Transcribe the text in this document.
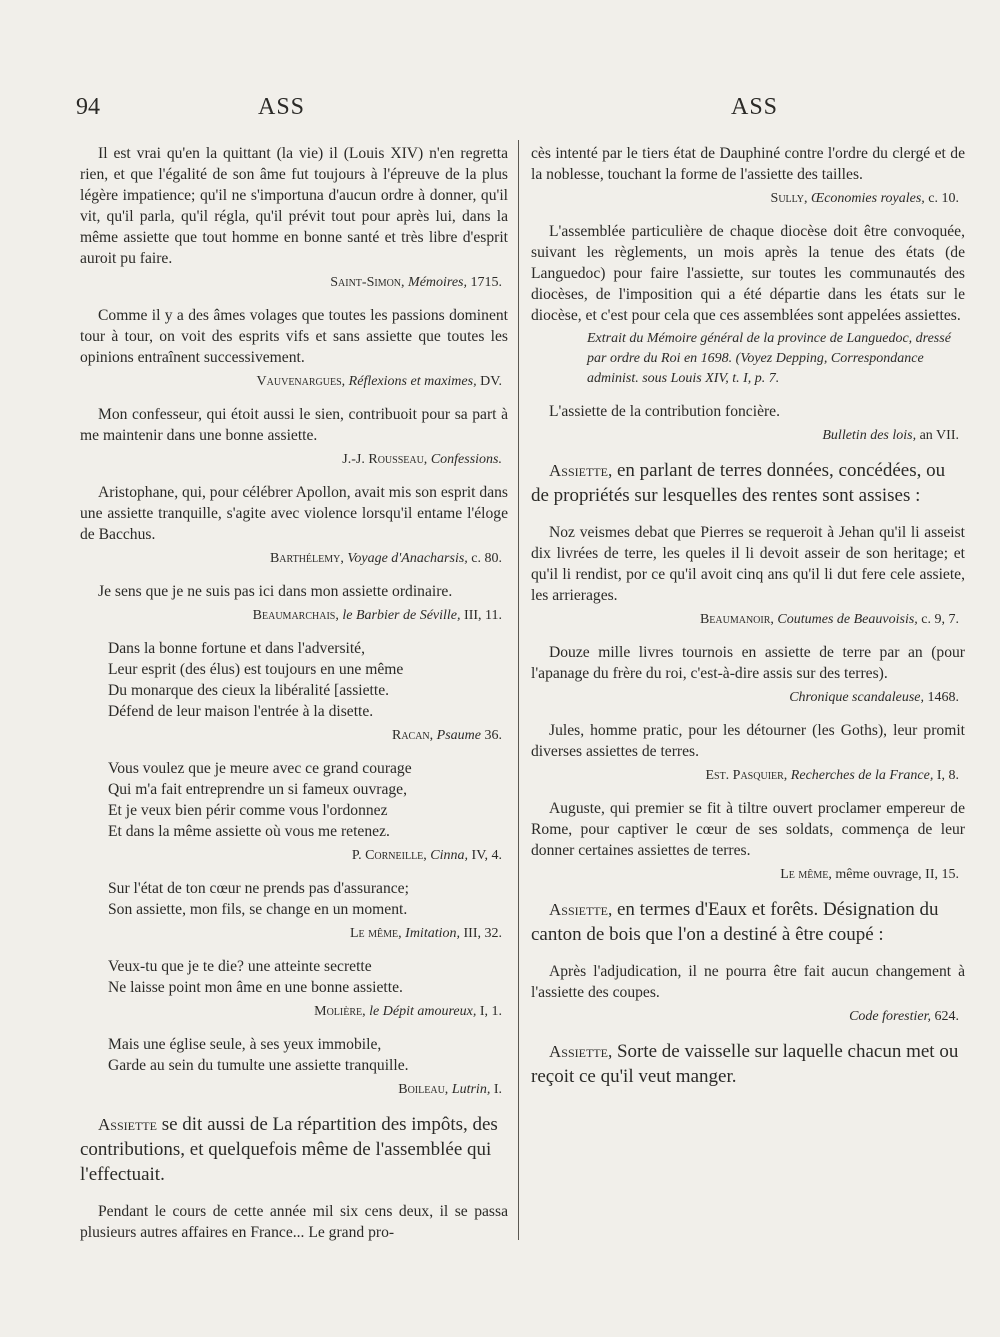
94	ASS	ASS

Il est vrai qu'en la quittant (la vie) il (Louis XIV) n'en regretta rien, et que l'égalité de son âme fut toujours à l'épreuve de la plus légère impatience; qu'il ne s'importuna d'aucun ordre à donner, qu'il vit, qu'il parla, qu'il régla, qu'il prévit tout pour après lui, dans la même assiette que tout homme en bonne santé et très libre d'esprit auroit pu faire.

Saint-Simon, Mémoires, 1715.

Comme il y a des âmes volages que toutes les passions dominent tour à tour, on voit des esprits vifs et sans assiette que toutes les opinions entraînent successivement.

Vauvenargues, Réflexions et maximes, DV.

Mon confesseur, qui étoit aussi le sien, contribuoit pour sa part à me maintenir dans une bonne assiette.

J.-J. Rousseau, Confessions.

Aristophane, qui, pour célébrer Apollon, avait mis son esprit dans une assiette tranquille, s'agite avec violence lorsqu'il entame l'éloge de Bacchus.

Barthélemy, Voyage d'Anacharsis, c. 80.

Je sens que je ne suis pas ici dans mon assiette ordinaire.

Beaumarchais, le Barbier de Séville, III, 11.
Dans la bonne fortune et dans l'adversité,
Leur esprit (des élus) est toujours en une même
Du monarque des cieux la libéralité [assiette.
Défend de leur maison l'entrée à la disette.
Racan, Psaume 36.
Vous voulez que je meure avec ce grand courage
Qui m'a fait entreprendre un si fameux ouvrage,
Et je veux bien périr comme vous l'ordonnez
Et dans la même assiette où vous me retenez.
P. Corneille, Cinna, IV, 4.
Sur l'état de ton cœur ne prends pas d'assurance;
Son assiette, mon fils, se change en un moment.
Le même, Imitation, III, 32.
Veux-tu que je te die? une atteinte secrette
Ne laisse point mon âme en une bonne assiette.
Molière, le Dépit amoureux, I, 1.
Mais une église seule, à ses yeux immobile,
Garde au sein du tumulte une assiette tranquille.
Boileau, Lutrin, I.

Assiette se dit aussi de La répartition des impôts, des contributions, et quelquefois même de l'assemblée qui l'effectuait.

Pendant le cours de cette année mil six cens deux, il se passa plusieurs autres affaires en France... Le grand pro-

cès intenté par le tiers état de Dauphiné contre l'ordre du clergé et de la noblesse, touchant la forme de l'assiette des tailles.

Sully, Œconomies royales, c. 10.

L'assemblée particulière de chaque diocèse doit être convoquée, suivant les règlements, un mois après la tenue des états (de Languedoc) pour faire l'assiette, sur toutes les communautés des diocèses, de l'imposition qui a été départie dans les états sur le diocèse, et c'est pour cela que ces assemblées sont appelées assiettes.

Extrait du Mémoire général de la province de Languedoc, dressé par ordre du Roi en 1698. (Voyez Depping, Correspondance administ. sous Louis XIV, t. I, p. 7.

L'assiette de la contribution foncière.

Bulletin des lois, an VII.

Assiette, en parlant de terres données, concédées, ou de propriétés sur lesquelles des rentes sont assises :

Noz veismes debat que Pierres se requeroit à Jehan qu'il li asseist dix livrées de terre, les queles il li devoit asseir de son heritage; et qu'il li rendist, por ce qu'il avoit cinq ans qu'il li dut fere cele assiete, les arrierages.

Beaumanoir, Coutumes de Beauvoisis, c. 9, 7.

Douze mille livres tournois en assiette de terre par an (pour l'apanage du frère du roi, c'est-à-dire assis sur des terres).

Chronique scandaleuse, 1468.

Jules, homme pratic, pour les détourner (les Goths), leur promit diverses assiettes de terres.

Est. Pasquier, Recherches de la France, I, 8.

Auguste, qui premier se fit à tiltre ouvert proclamer empereur de Rome, pour captiver le cœur de ses soldats, commença de leur donner certaines assiettes de terres.

Le même, même ouvrage, II, 15.

Assiette, en termes d'Eaux et forêts. Désignation du canton de bois que l'on a destiné à être coupé :

Après l'adjudication, il ne pourra être fait aucun changement à l'assiette des coupes.

Code forestier, 624.

Assiette, Sorte de vaisselle sur laquelle chacun met ou reçoit ce qu'il veut manger.
